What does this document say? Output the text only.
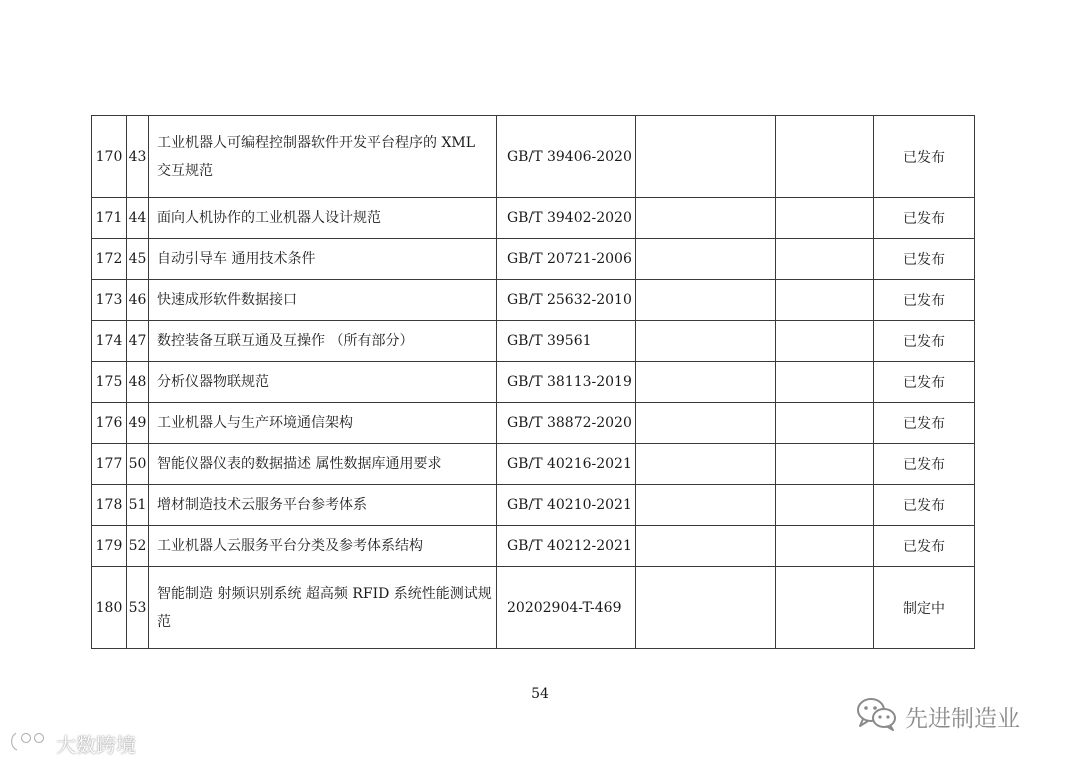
170	43	工业机器人可编程控制器软件开发平台程序的 XML 交互规范	GB/T 39406-2020			已发布
171	44	面向人机协作的工业机器人设计规范	GB/T 39402-2020			已发布
172	45	自动引导车 通用技术条件	GB/T 20721-2006			已发布
173	46	快速成形软件数据接口	GB/T 25632-2010			已发布
174	47	数控装备互联互通及互操作 （所有部分）	GB/T 39561			已发布
175	48	分析仪器物联规范	GB/T 38113-2019			已发布
176	49	工业机器人与生产环境通信架构	GB/T 38872-2020			已发布
177	50	智能仪器仪表的数据描述 属性数据库通用要求	GB/T 40216-2021			已发布
178	51	增材制造技术云服务平台参考体系	GB/T 40210-2021			已发布
179	52	工业机器人云服务平台分类及参考体系结构	GB/T 40212-2021			已发布
180	53	智能制造 射频识别系统 超高频 RFID 系统性能测试规范	20202904-T-469			制定中
54
大数跨境
先进制造业
